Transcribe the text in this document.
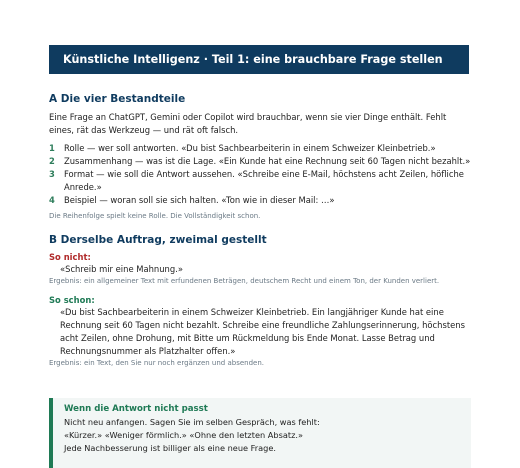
Künstliche Intelligenz · Teil 1: eine brauchbare Frage stellen
A Die vier Bestandteile
Eine Frage an ChatGPT, Gemini oder Copilot wird brauchbar, wenn sie vier Dinge enthält. Fehlt eines, rät das Werkzeug — und rät oft falsch.
1 Rolle — wer soll antworten. «Du bist Sachbearbeiterin in einem Schweizer Kleinbetrieb.»
2 Zusammenhang — was ist die Lage. «Ein Kunde hat eine Rechnung seit 60 Tagen nicht bezahlt.»
3 Format — wie soll die Antwort aussehen. «Schreibe eine E-Mail, höchstens acht Zeilen, höfliche Anrede.»
4 Beispiel — woran soll sie sich halten. «Ton wie in dieser Mail: …»
Die Reihenfolge spielt keine Rolle. Die Vollständigkeit schon.
B Derselbe Auftrag, zweimal gestellt
So nicht:
«Schreib mir eine Mahnung.»
Ergebnis: ein allgemeiner Text mit erfundenen Beträgen, deutschem Recht und einem Ton, der Kunden verliert.
So schon:
«Du bist Sachbearbeiterin in einem Schweizer Kleinbetrieb. Ein langjähriger Kunde hat eine Rechnung seit 60 Tagen nicht bezahlt. Schreibe eine freundliche Zahlungserinnerung, höchstens acht Zeilen, ohne Drohung, mit Bitte um Rückmeldung bis Ende Monat. Lasse Betrag und Rechnungsnummer als Platzhalter offen.»
Ergebnis: ein Text, den Sie nur noch ergänzen und absenden.
Wenn die Antwort nicht passt
Nicht neu anfangen. Sagen Sie im selben Gespräch, was fehlt:
«Kürzer.» «Weniger förmlich.» «Ohne den letzten Absatz.»
Jede Nachbesserung ist billiger als eine neue Frage.
